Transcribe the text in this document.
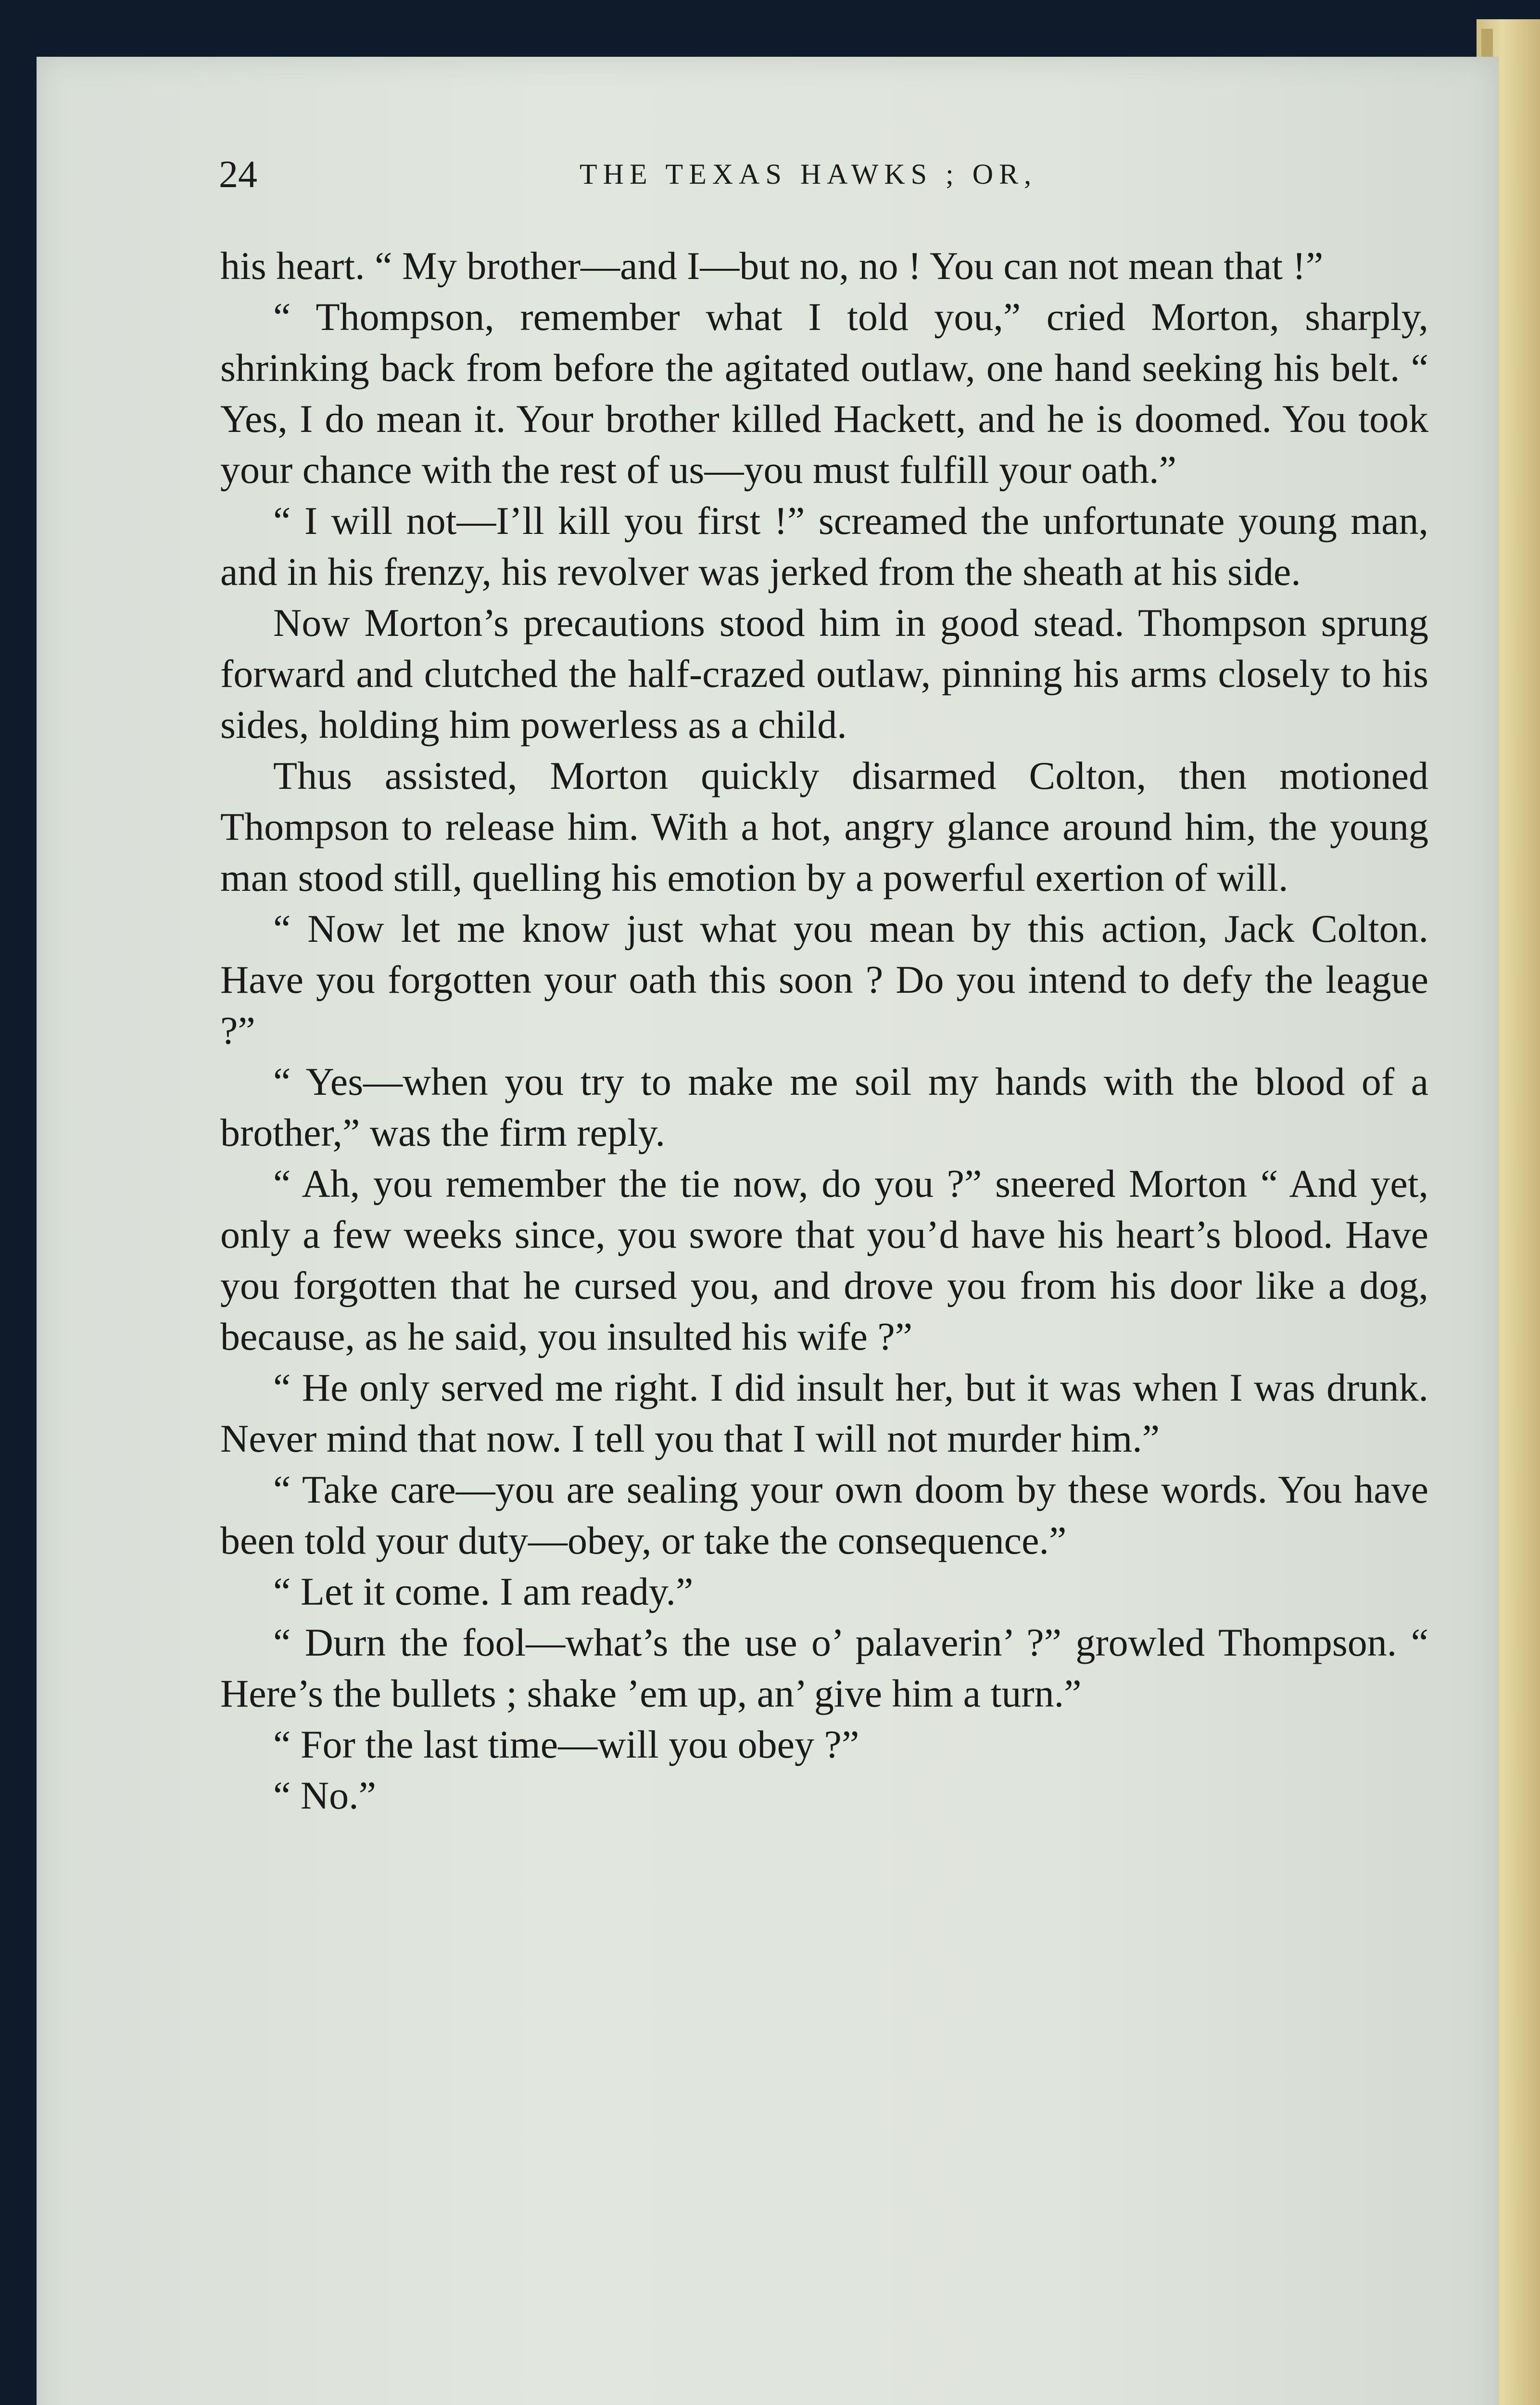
24	THE TEXAS HAWKS ; OR,

his heart. “ My brother—and I—but no, no ! You can not mean that !”

“ Thompson, remember what I told you,” cried Morton, sharply, shrinking back from before the agitated outlaw, one hand seeking his belt. “ Yes, I do mean it. Your brother killed Hackett, and he is doomed. You took your chance with the rest of us—you must fulfill your oath.”

“ I will not—I’ll kill you first !” screamed the unfortunate young man, and in his frenzy, his revolver was jerked from the sheath at his side.

Now Morton’s precautions stood him in good stead. Thompson sprung forward and clutched the half-crazed outlaw, pinning his arms closely to his sides, holding him powerless as a child.

Thus assisted, Morton quickly disarmed Colton, then motioned Thompson to release him. With a hot, angry glance around him, the young man stood still, quelling his emotion by a powerful exertion of will.

“ Now let me know just what you mean by this action, Jack Colton. Have you forgotten your oath this soon ? Do you intend to defy the league ?”

“ Yes—when you try to make me soil my hands with the blood of a brother,” was the firm reply.

“ Ah, you remember the tie now, do you ?” sneered Morton “ And yet, only a few weeks since, you swore that you’d have his heart’s blood. Have you forgotten that he cursed you, and drove you from his door like a dog, because, as he said, you insulted his wife ?”

“ He only served me right. I did insult her, but it was when I was drunk. Never mind that now. I tell you that I will not murder him.”

“ Take care—you are sealing your own doom by these words. You have been told your duty—obey, or take the consequence.”

“ Let it come. I am ready.”

“ Durn the fool—what’s the use o’ palaverin’ ?” growled Thompson. “ Here’s the bullets ; shake ’em up, an’ give him a turn.”

“ For the last time—will you obey ?”

“ No.”
